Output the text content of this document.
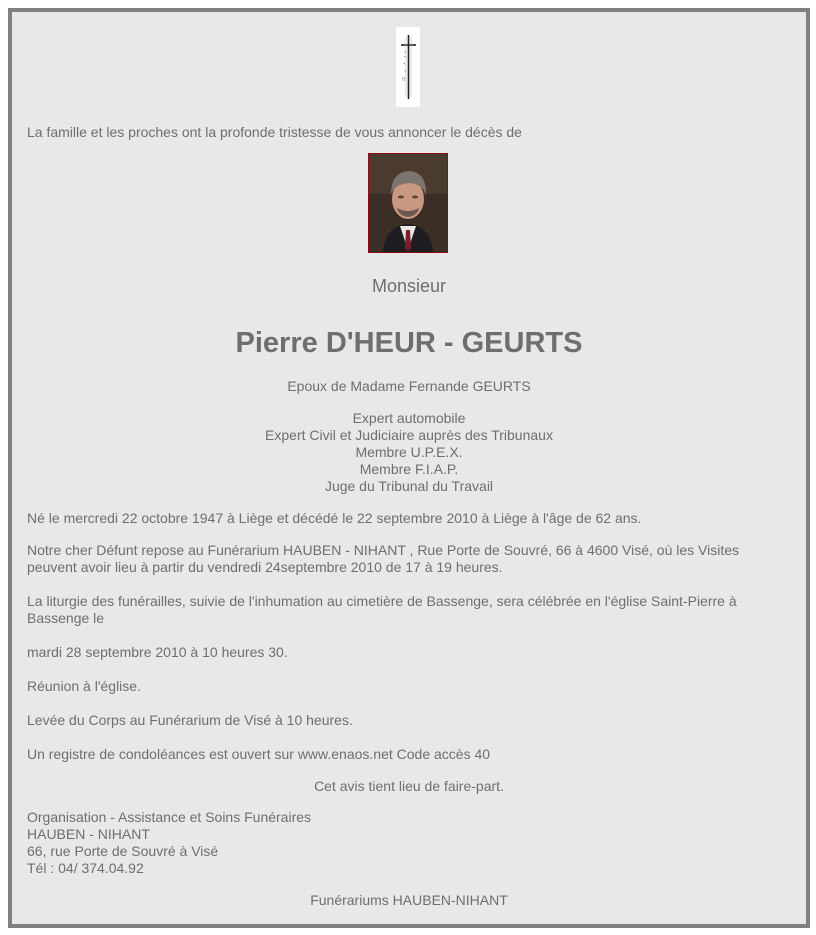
La famille et les proches ont la profonde tristesse de vous annoncer le décès de
Monsieur
Pierre D'HEUR - GEURTS
Epoux de Madame Fernande GEURTS
Expert automobile
Expert Civil et Judiciaire auprès des Tribunaux
Membre U.P.E.X.
Membre F.I.A.P.
Juge du Tribunal du Travail
Né le mercredi 22 octobre 1947 à Liège et décédé le 22 septembre 2010 à Liège à l'âge de 62 ans.
Notre cher Défunt repose au Funérarium HAUBEN - NIHANT , Rue Porte de Souvré, 66 à 4600 Visé, où les Visites peuvent avoir lieu à partir du vendredi 24septembre 2010 de 17 à 19 heures.
La liturgie des funérailles, suivie de l'inhumation au cimetière de Bassenge, sera célébrée en l'église Saint-Pierre à Bassenge le
mardi 28 septembre 2010 à 10 heures 30.
Réunion à l'église.
Levée du Corps au Funérarium de Visé à 10 heures.
Un registre de condoléances est ouvert sur www.enaos.net Code accès 40
Cet avis tient lieu de faire-part.
Organisation - Assistance et Soins Funéraires
HAUBEN - NIHANT
66, rue Porte de Souvré à Visé
Tél : 04/ 374.04.92
Funérariums HAUBEN-NIHANT
